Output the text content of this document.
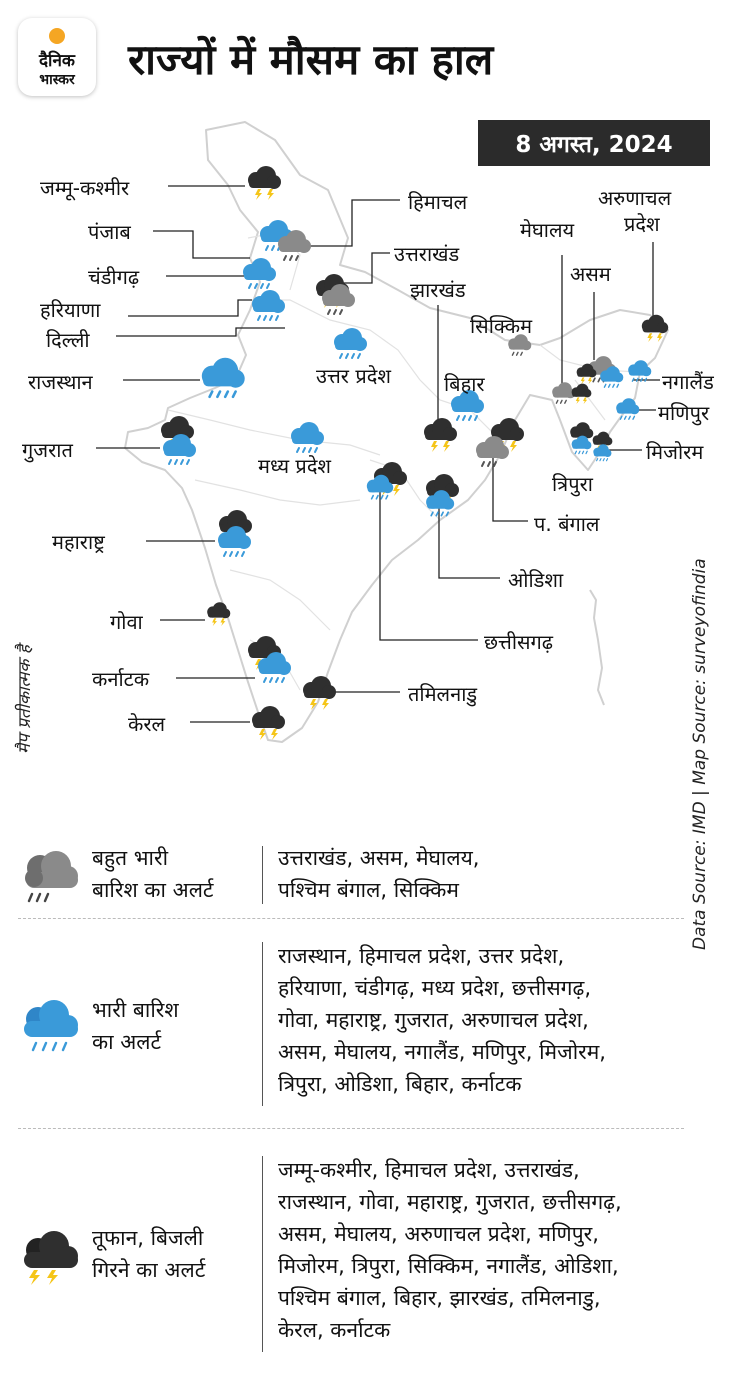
दैनिक
भास्कर	राज्यों में मौसम का हाल
8 अगस्त, 2024
जम्मू-कश्मीर
पंजाब
चंडीगढ़
हरियाणा
दिल्ली
राजस्थान
गुजरात
महाराष्ट्र
गोवा
कर्नाटक
केरल
हिमाचल
उत्तराखंड
झारखंड
उत्तर प्रदेश
मध्य प्रदेश
बिहार
सिक्किम
मेघालय
असम
अरुणाचल
प्रदेश
नगालैंड
मणिपुर
मिजोरम
त्रिपुरा
प. बंगाल
ओडिशा
छत्तीसगढ़
तमिलनाडु
मैप प्रतीकात्मक है	Data Source: IMD | Map Source: surveyofindia
बहुत भारी
बारिश का अलर्ट
उत्तराखंड, असम, मेघालय,
पश्चिम बंगाल, सिक्किम
भारी बारिश
का अलर्ट
राजस्थान, हिमाचल प्रदेश, उत्तर प्रदेश,
हरियाणा, चंडीगढ़, मध्य प्रदेश, छत्तीसगढ़,
गोवा, महाराष्ट्र, गुजरात, अरुणाचल प्रदेश,
असम, मेघालय, नगालैंड, मणिपुर, मिजोरम,
त्रिपुरा, ओडिशा, बिहार, कर्नाटक
तूफान, बिजली
गिरने का अलर्ट
जम्मू-कश्मीर, हिमाचल प्रदेश, उत्तराखंड,
राजस्थान, गोवा, महाराष्ट्र, गुजरात, छत्तीसगढ़,
असम, मेघालय, अरुणाचल प्रदेश, मणिपुर,
मिजोरम, त्रिपुरा, सिक्किम, नगालैंड, ओडिशा,
पश्चिम बंगाल, बिहार, झारखंड, तमिलनाडु,
केरल, कर्नाटक
